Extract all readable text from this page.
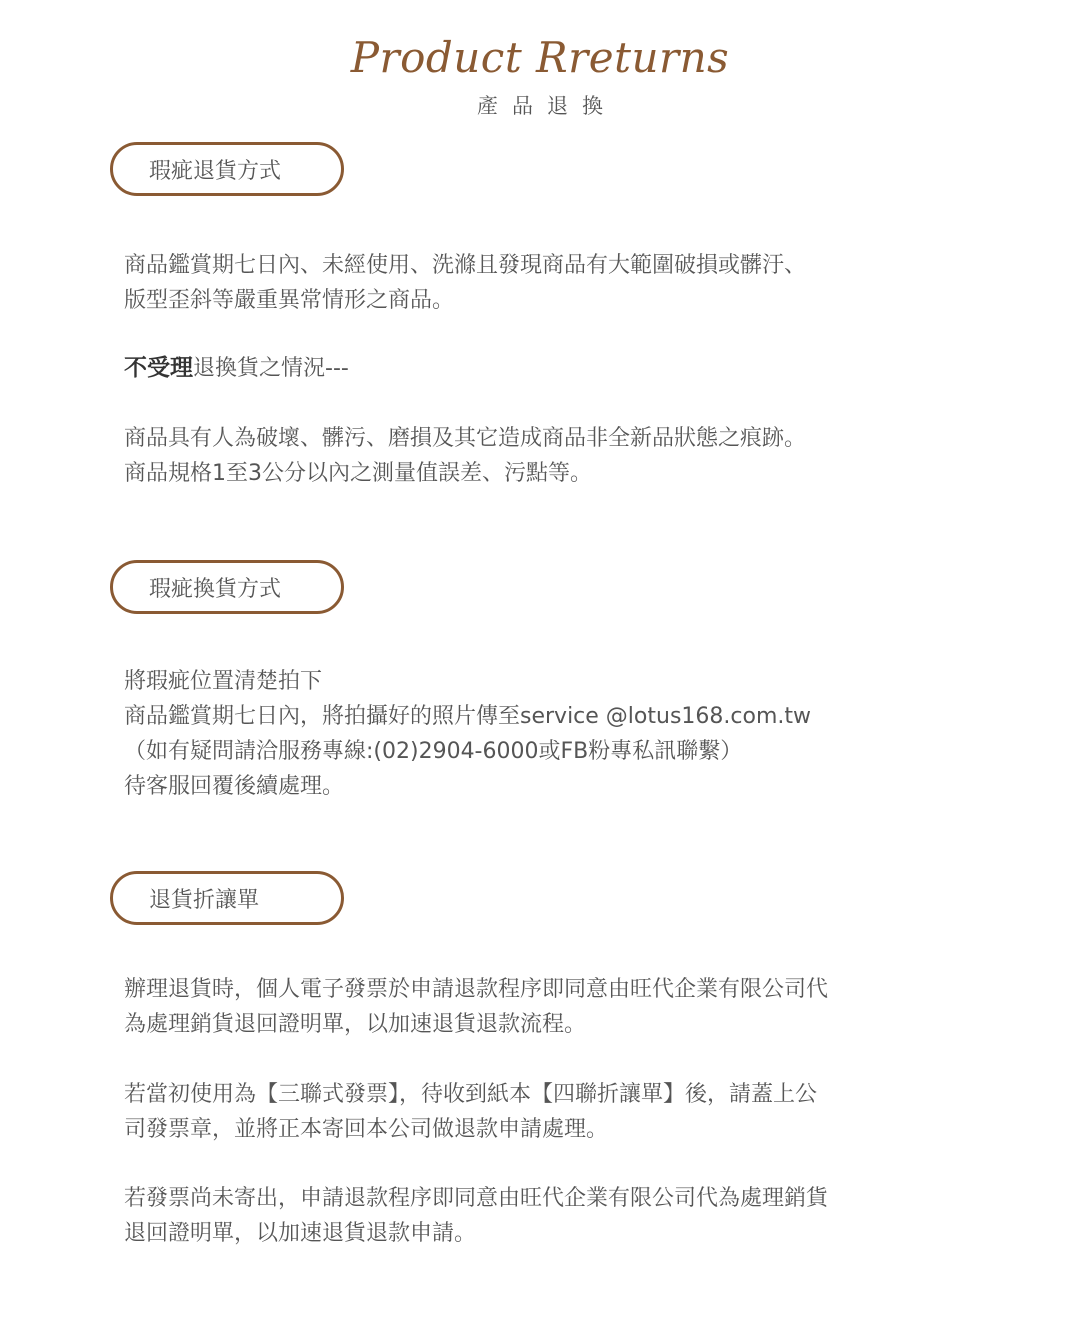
Product Rreturns
產品退換
瑕疵退貨方式

商品鑑賞期七日內、未經使用、洗滌且發現商品有大範圍破損或髒汙、

版型歪斜等嚴重異常情形之商品。

不受理退換貨之情況---

商品具有人為破壞、髒污、磨損及其它造成商品非全新品狀態之痕跡。

商品規格1至3公分以內之測量值誤差、污點等。

瑕疵換貨方式

將瑕疵位置清楚拍下

商品鑑賞期七日內，將拍攝好的照片傳至service @lotus168.com.tw

（如有疑問請洽服務專線:(02)2904-6000或FB粉專私訊聯繫）

待客服回覆後續處理。

退貨折讓單

辦理退貨時，個人電子發票於申請退款程序即同意由旺代企業有限公司代

為處理銷貨退回證明單，以加速退貨退款流程。

若當初使用為【三聯式發票】，待收到紙本【四聯折讓單】後，請蓋上公

司發票章，並將正本寄回本公司做退款申請處理。

若發票尚未寄出，申請退款程序即同意由旺代企業有限公司代為處理銷貨

退回證明單，以加速退貨退款申請。
